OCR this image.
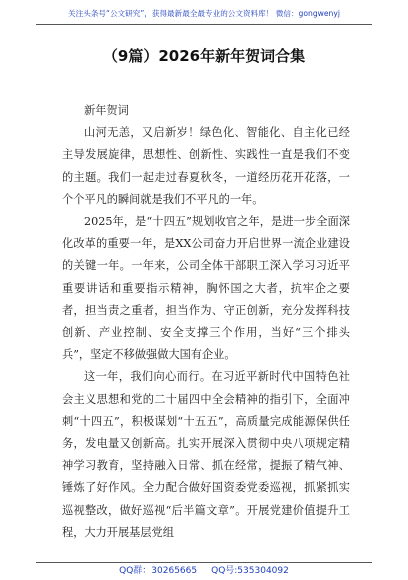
关注头条号“公文研究”，获得最新最全最专业的公文资料库！ 微信：gongwenyj
（9篇）2026年新年贺词合集

新年贺词

山河无恙，又启新岁！绿色化、智能化、自主化已经主导发展旋律，思想性、创新性、实践性一直是我们不变的主题。我们一起走过春夏秋冬，一道经历花开花落，一个个平凡的瞬间就是我们不平凡的一年。

2025年，是“十四五”规划收官之年，是进一步全面深化改革的重要一年，是XX公司奋力开启世界一流企业建设的关键一年。一年来，公司全体干部职工深入学习习近平重要讲话和重要指示精神，胸怀国之大者，抗牢企之要者，担当责之重者，担当作为、守正创新，充分发挥科技创新、产业控制、安全支撑三个作用，当好“三个排头兵”，坚定不移做强做大国有企业。

这一年，我们向心而行。在习近平新时代中国特色社会主义思想和党的二十届四中全会精神的指引下，全面冲刺“十四五”，积极谋划“十五五”，高质量完成能源保供任务，发电量又创新高。扎实开展深入贯彻中央八项规定精神学习教育，坚持融入日常、抓在经常，提振了精气神、锤炼了好作风。全力配合做好国资委党委巡视，抓紧抓实巡视整改，做好巡视“后半篇文章”。开展党建价值提升工程，大力开展基层党组

QQ群：30265665 QQ号:535304092
